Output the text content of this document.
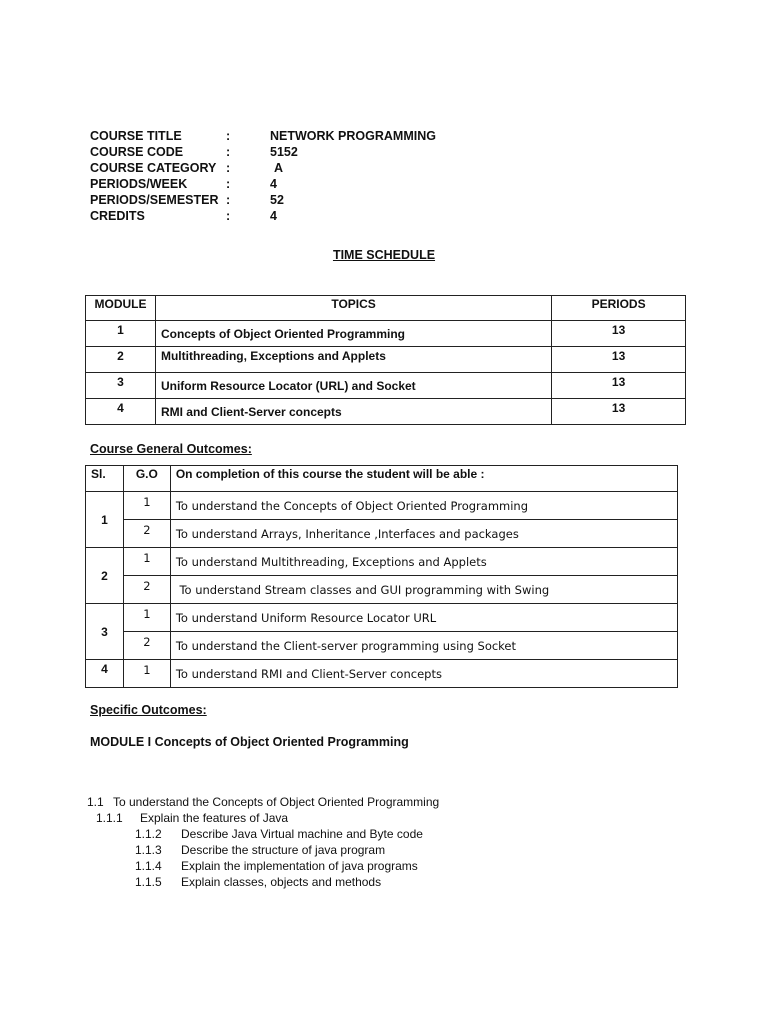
COURSE TITLE	:	NETWORK PROGRAMMING
COURSE CODE	:	5152
COURSE CATEGORY :	A
PERIODS/WEEK	:	4
PERIODS/SEMESTER :	52
CREDITS	:	4
TIME SCHEDULE
MODULE	TOPICS	PERIODS
1	Concepts of Object Oriented Programming	13
2	Multithreading, Exceptions and Applets	13
3	Uniform Resource Locator (URL) and Socket	13
4	RMI and Client-Server concepts	13
Course General Outcomes:
Sl.	G.O	On completion of this course the student will be able :
1	1	To understand the Concepts of Object Oriented Programming
	2	To understand Arrays, Inheritance ,Interfaces and packages
2	1	To understand Multithreading, Exceptions and Applets
	2	To understand Stream classes and GUI programming with Swing
3	1	To understand Uniform Resource Locator URL
	2	To understand the Client-server programming using Socket
4	1	To understand RMI and Client-Server concepts
Specific Outcomes:
MODULE I Concepts of Object Oriented Programming
1.1 To understand the Concepts of Object Oriented Programming
1.1.1 Explain the features of Java
1.1.2 Describe Java Virtual machine and Byte code
1.1.3 Describe the structure of java program
1.1.4 Explain the implementation of java programs
1.1.5 Explain classes, objects and methods
